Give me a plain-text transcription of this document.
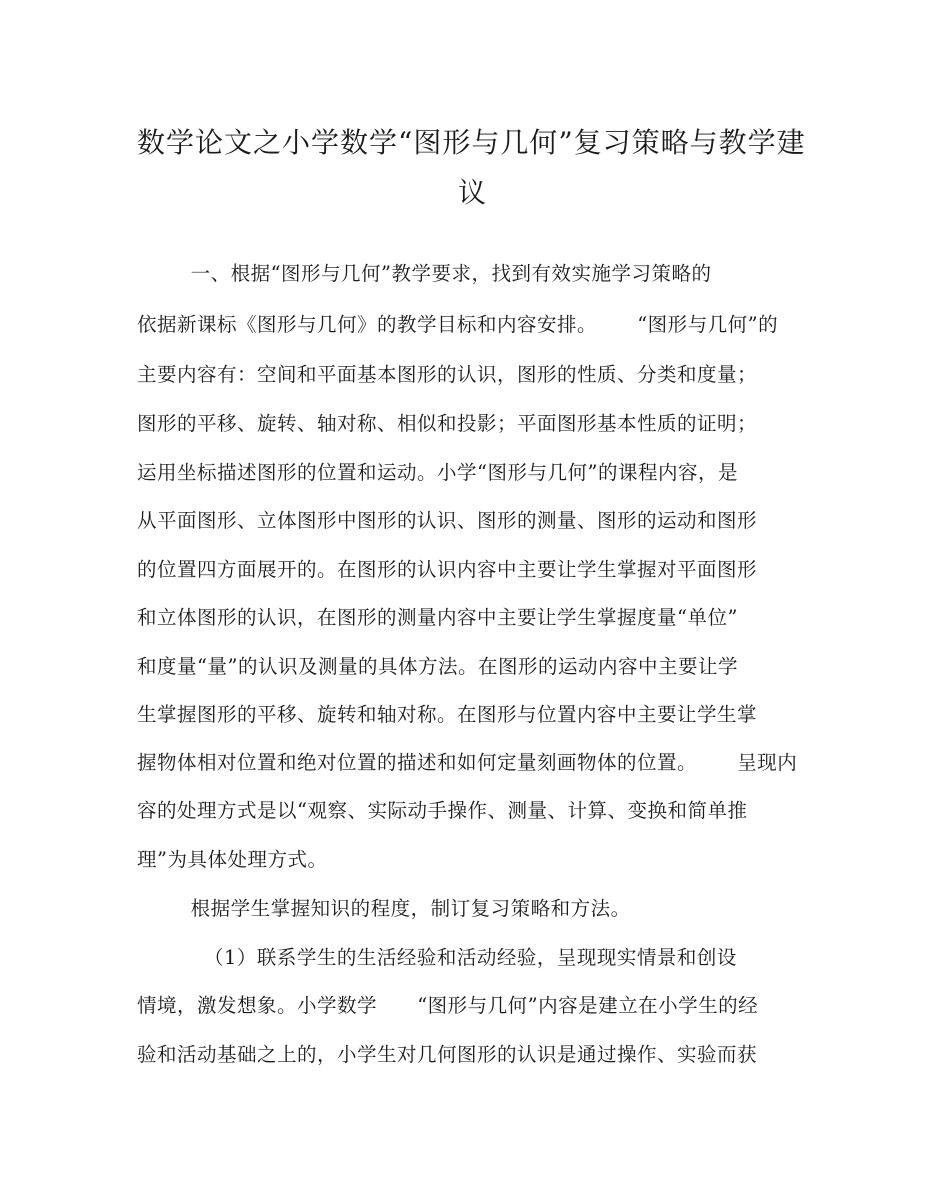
数学论文之小学数学“图形与几何”复习策略与教学建
议
一、根据“图形与几何”教学要求，找到有效实施学习策略的
依据新课标《图形与几何》的教学目标和内容安排。      “图形与几何”的
主要内容有：空间和平面基本图形的认识，图形的性质、分类和度量；
图形的平移、旋转、轴对称、相似和投影；平面图形基本性质的证明；
运用坐标描述图形的位置和运动。小学“图形与几何”的课程内容，是
从平面图形、立体图形中图形的认识、图形的测量、图形的运动和图形
的位置四方面展开的。在图形的认识内容中主要让学生掌握对平面图形
和立体图形的认识，在图形的测量内容中主要让学生掌握度量“单位”
和度量“量”的认识及测量的具体方法。在图形的运动内容中主要让学
生掌握图形的平移、旋转和轴对称。在图形与位置内容中主要让学生掌
握物体相对位置和绝对位置的描述和如何定量刻画物体的位置。      呈现内
容的处理方式是以“观察、实际动手操作、测量、计算、变换和简单推
理”为具体处理方式。
根据学生掌握知识的程度，制订复习策略和方法。
（1）联系学生的生活经验和活动经验，呈现现实情景和创设
情境，激发想象。小学数学      “图形与几何”内容是建立在小学生的经
验和活动基础之上的，小学生对几何图形的认识是通过操作、实验而获
